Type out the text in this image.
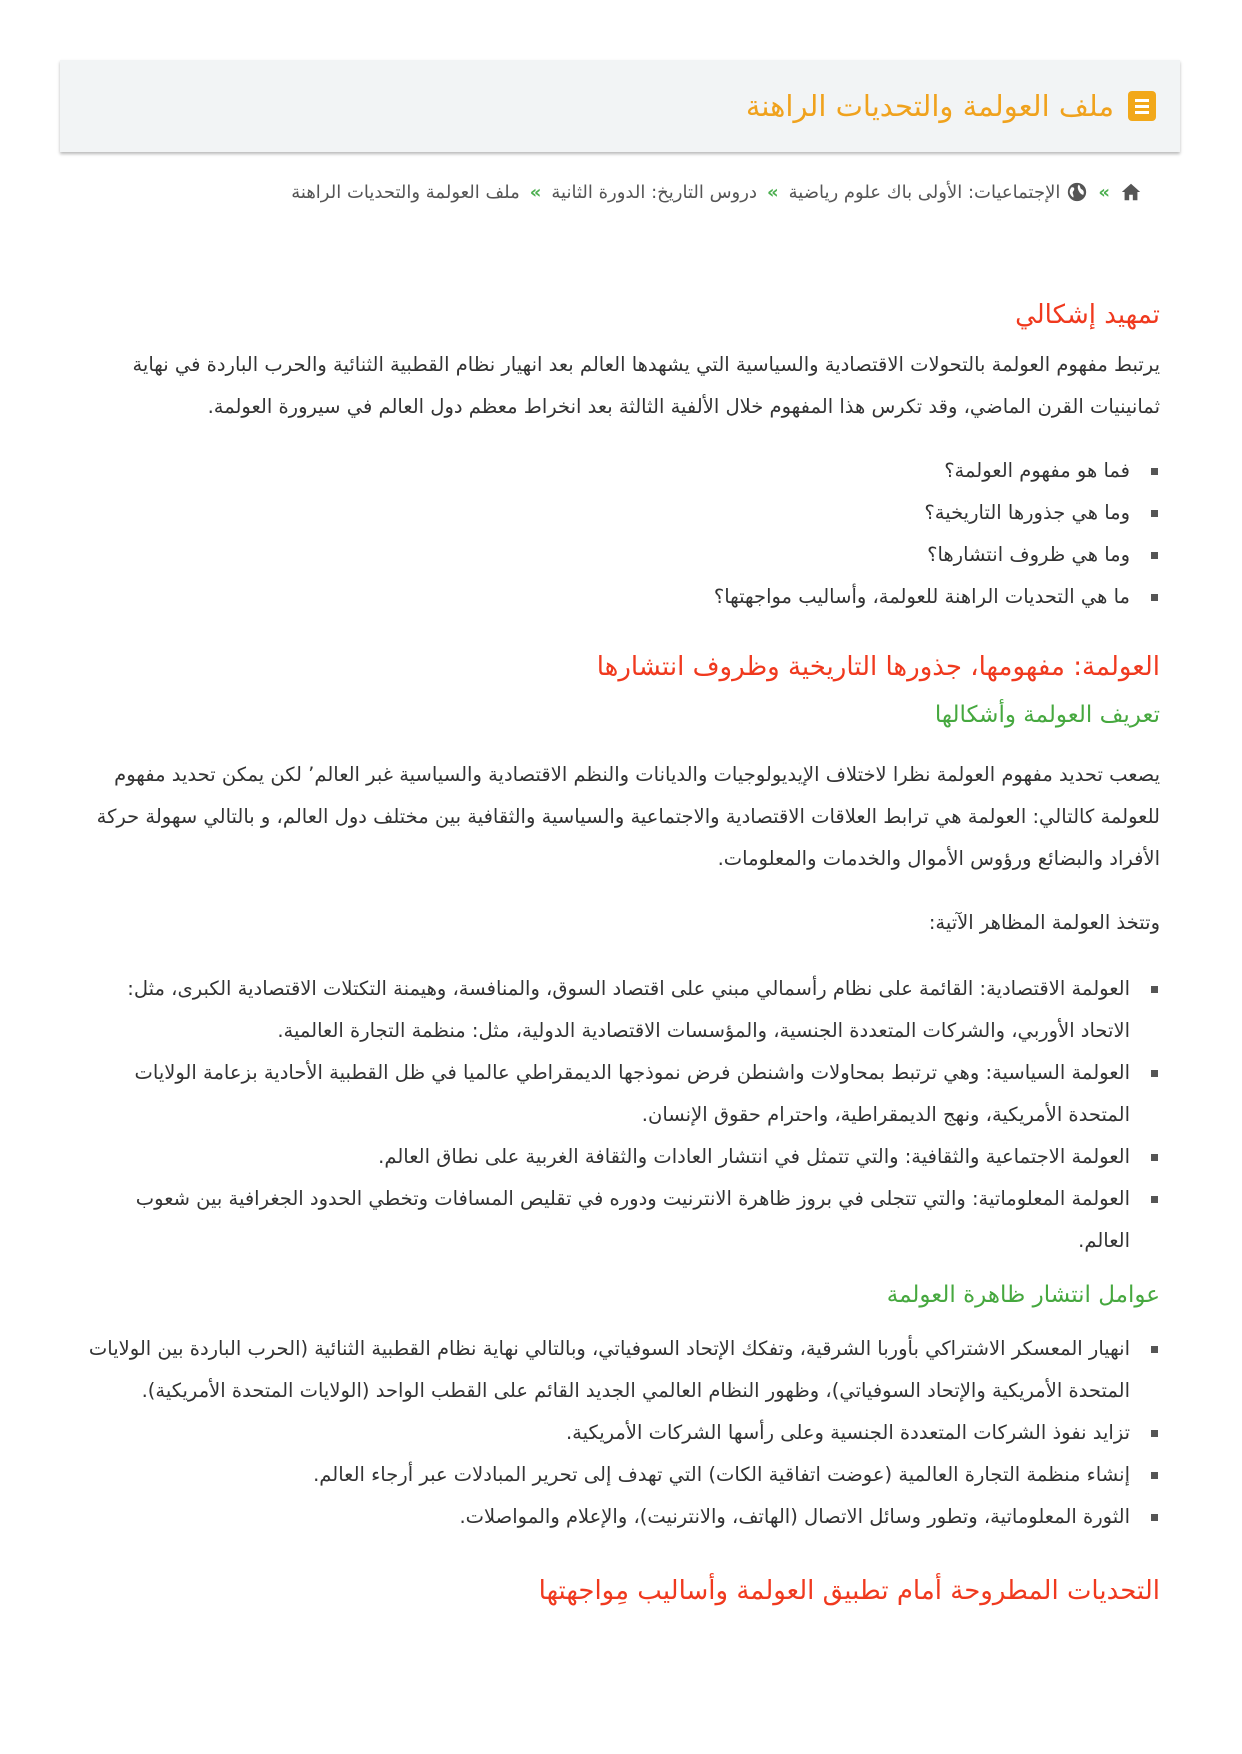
ملف العولمة والتحديات الراهنة
»
الإجتماعيات: الأولى باك علوم رياضية
»
دروس التاريخ: الدورة الثانية
»
ملف العولمة والتحديات الراهنة
تمهيد إشكالي

يرتبط مفهوم العولمة بالتحولات الاقتصادية والسياسية التي يشهدها العالم بعد انهيار نظام القطبية الثنائية والحرب الباردة في نهاية ثمانينيات القرن الماضي، وقد تكرس هذا المفهوم خلال الألفية الثالثة بعد انخراط معظم دول العالم في سيرورة العولمة.

فما هو مفهوم العولمة؟
وما هي جذورها التاريخية؟
وما هي ظروف انتشارها؟
ما هي التحديات الراهنة للعولمة، وأساليب مواجهتها؟
العولمة: مفهومها، جذورها التاريخية وظروف انتشارها
تعريف العولمة وأشكالها

يصعب تحديد مفهوم العولمة نظرا لاختلاف الإيديولوجيات والديانات والنظم الاقتصادية والسياسية غبر العالم’ لكن يمكن تحديد مفهوم للعولمة كالتالي: العولمة هي ترابط العلاقات الاقتصادية والاجتماعية والسياسية والثقافية بين مختلف دول العالم، و بالتالي سهولة حركة الأفراد والبضائع ورؤوس الأموال والخدمات والمعلومات.

وتتخذ العولمة المظاهر الآتية:

العولمة الاقتصادية: القائمة على نظام رأسمالي مبني على اقتصاد السوق، والمنافسة، وهيمنة التكتلات الاقتصادية الكبرى، مثل: الاتحاد الأوربي، والشركات المتعددة الجنسية، والمؤسسات الاقتصادية الدولية، مثل: منظمة التجارة العالمية.
العولمة السياسية: وهي ترتبط بمحاولات واشنطن فرض نموذجها الديمقراطي عالميا في ظل القطبية الأحادية بزعامة الولايات المتحدة الأمريكية، ونهج الديمقراطية، واحترام حقوق الإنسان.
العولمة الاجتماعية والثقافية: والتي تتمثل في انتشار العادات والثقافة الغربية على نطاق العالم.
العولمة المعلوماتية: والتي تتجلى في بروز ظاهرة الانترنيت ودوره في تقليص المسافات وتخطي الحدود الجغرافية بين شعوب العالم.
عوامل انتشار ظاهرة العولمة
انهيار المعسكر الاشتراكي بأوربا الشرقية، وتفكك الإتحاد السوفياتي، وبالتالي نهاية نظام القطبية الثنائية (الحرب الباردة بين الولايات المتحدة الأمريكية والإتحاد السوفياتي)، وظهور النظام العالمي الجديد القائم على القطب الواحد (الولايات المتحدة الأمريكية).
تزايد نفوذ الشركات المتعددة الجنسية وعلى رأسها الشركات الأمريكية.
إنشاء منظمة التجارة العالمية (عوضت اتفاقية الكات) التي تهدف إلى تحرير المبادلات عبر أرجاء العالم.
الثورة المعلوماتية، وتطور وسائل الاتصال (الهاتف، والانترنيت)، والإعلام والمواصلات.
التحديات المطروحة أمام تطبيق العولمة وأساليب مِواجهتها
